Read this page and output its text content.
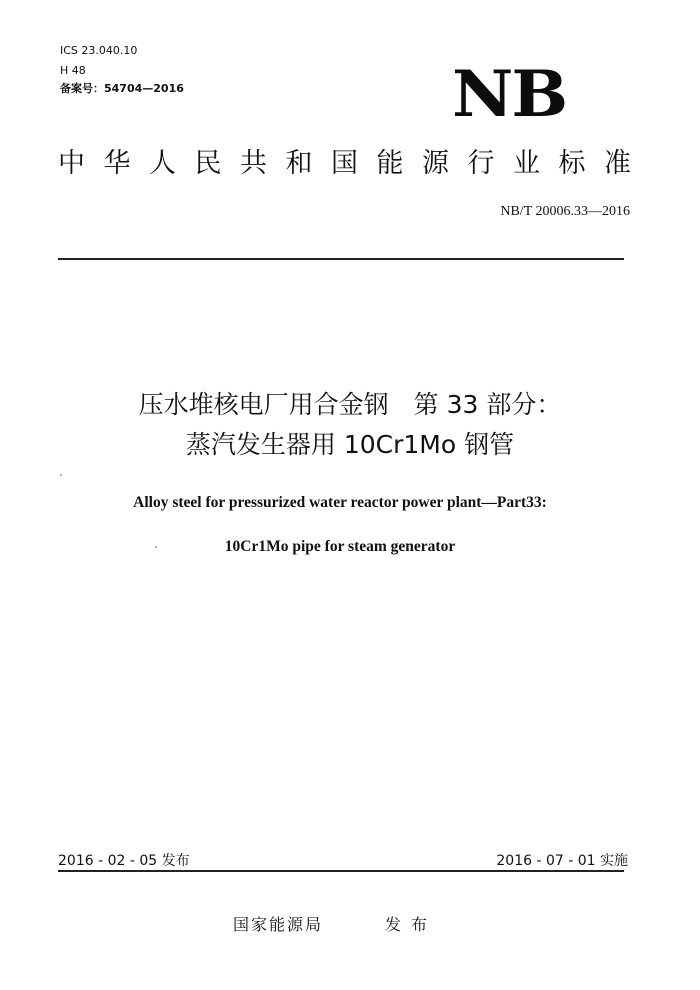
ICS 23.040.10
H 48
备案号：54704—2016	NB
中华人民共和国能源行业标准
NB/T 20006.33—2016
压水堆核电厂用合金钢　第 33 部分：
蒸汽发生器用 10Cr1Mo 钢管
Alloy steel for pressurized water reactor power plant—Part33:
10Cr1Mo pipe for steam generator
2016 - 02 - 05 发布	2016 - 07 - 01 实施
国家能源局	发布
